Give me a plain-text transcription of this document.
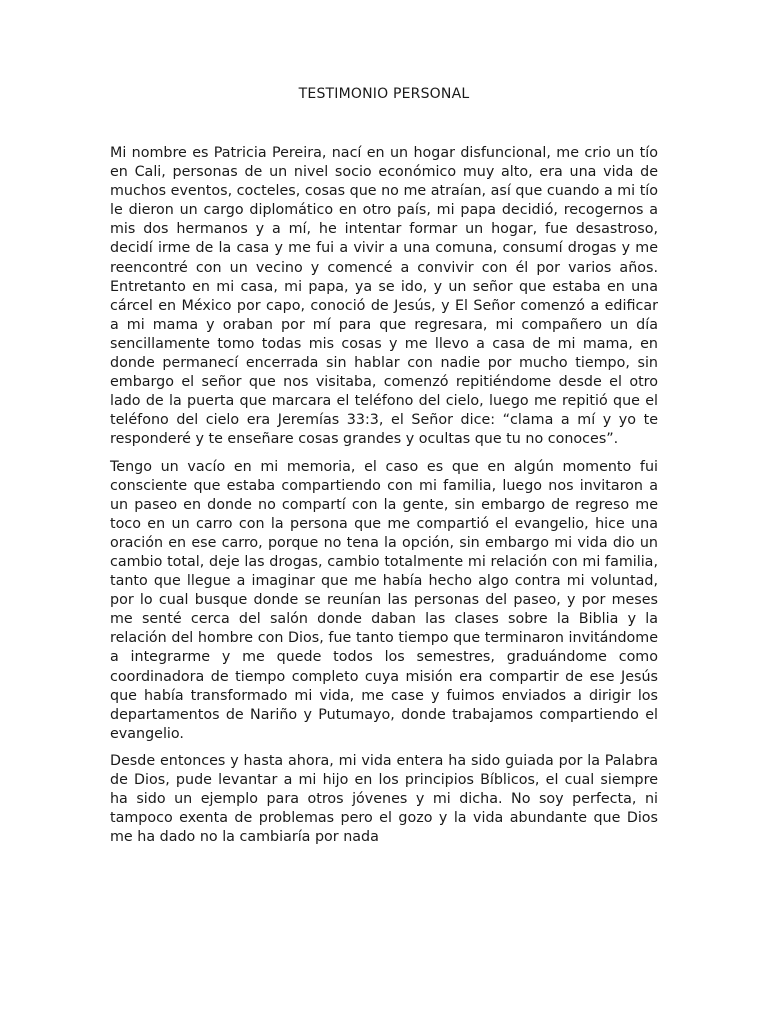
TESTIMONIO PERSONAL

Mi nombre es Patricia Pereira, nací en un hogar disfuncional, me crio un tío en Cali, personas de un nivel socio económico muy alto, era una vida de muchos eventos, cocteles, cosas que no me atraían, así que cuando a mi tío le dieron un cargo diplomático en otro país, mi papa decidió, recogernos a mis dos hermanos y a mí, he intentar formar un hogar, fue desastroso, decidí irme de la casa y me fui a vivir a una comuna, consumí drogas y me reencontré con un vecino y comencé a convivir con él por varios años. Entretanto en mi casa, mi papa, ya se ido, y un señor que estaba en una cárcel en México por capo, conoció de Jesús, y El Señor comenzó a edificar a mi mama y oraban por mí para que regresara, mi compañero un día sencillamente tomo todas mis cosas y me llevo a casa de mi mama, en donde permanecí encerrada sin hablar con nadie por mucho tiempo, sin embargo el señor que nos visitaba, comenzó repitiéndome desde el otro lado de la puerta que marcara el teléfono del cielo, luego me repitió que el teléfono del cielo era Jeremías 33:3, el Señor dice: “clama a mí y yo te responderé y te enseñare cosas grandes y ocultas que tu no conoces”.

Tengo un vacío en mi memoria, el caso es que en algún momento fui consciente que estaba compartiendo con mi familia, luego nos invitaron a un paseo en donde no compartí con la gente, sin embargo de regreso me toco en un carro con la persona que me compartió el evangelio, hice una oración en ese carro, porque no tena la opción, sin embargo mi vida dio un cambio total, deje las drogas, cambio totalmente mi relación con mi familia, tanto que llegue a imaginar que me había hecho algo contra mi voluntad, por lo cual busque donde se reunían las personas del paseo, y por meses me senté cerca del salón donde daban las clases sobre la Biblia y la relación del hombre con Dios, fue tanto tiempo que terminaron invitándome a integrarme y me quede todos los semestres, graduándome como coordinadora de tiempo completo cuya misión era compartir de ese Jesús que había transformado mi vida, me case y fuimos enviados a dirigir los departamentos de Nariño y Putumayo, donde trabajamos compartiendo el evangelio.

Desde entonces y hasta ahora, mi vida entera ha sido guiada por la Palabra de Dios, pude levantar a mi hijo en los principios Bíblicos, el cual siempre ha sido un ejemplo para otros jóvenes y mi dicha. No soy perfecta, ni tampoco exenta de problemas pero el gozo y la vida abundante que Dios me ha dado no la cambiaría por nada
